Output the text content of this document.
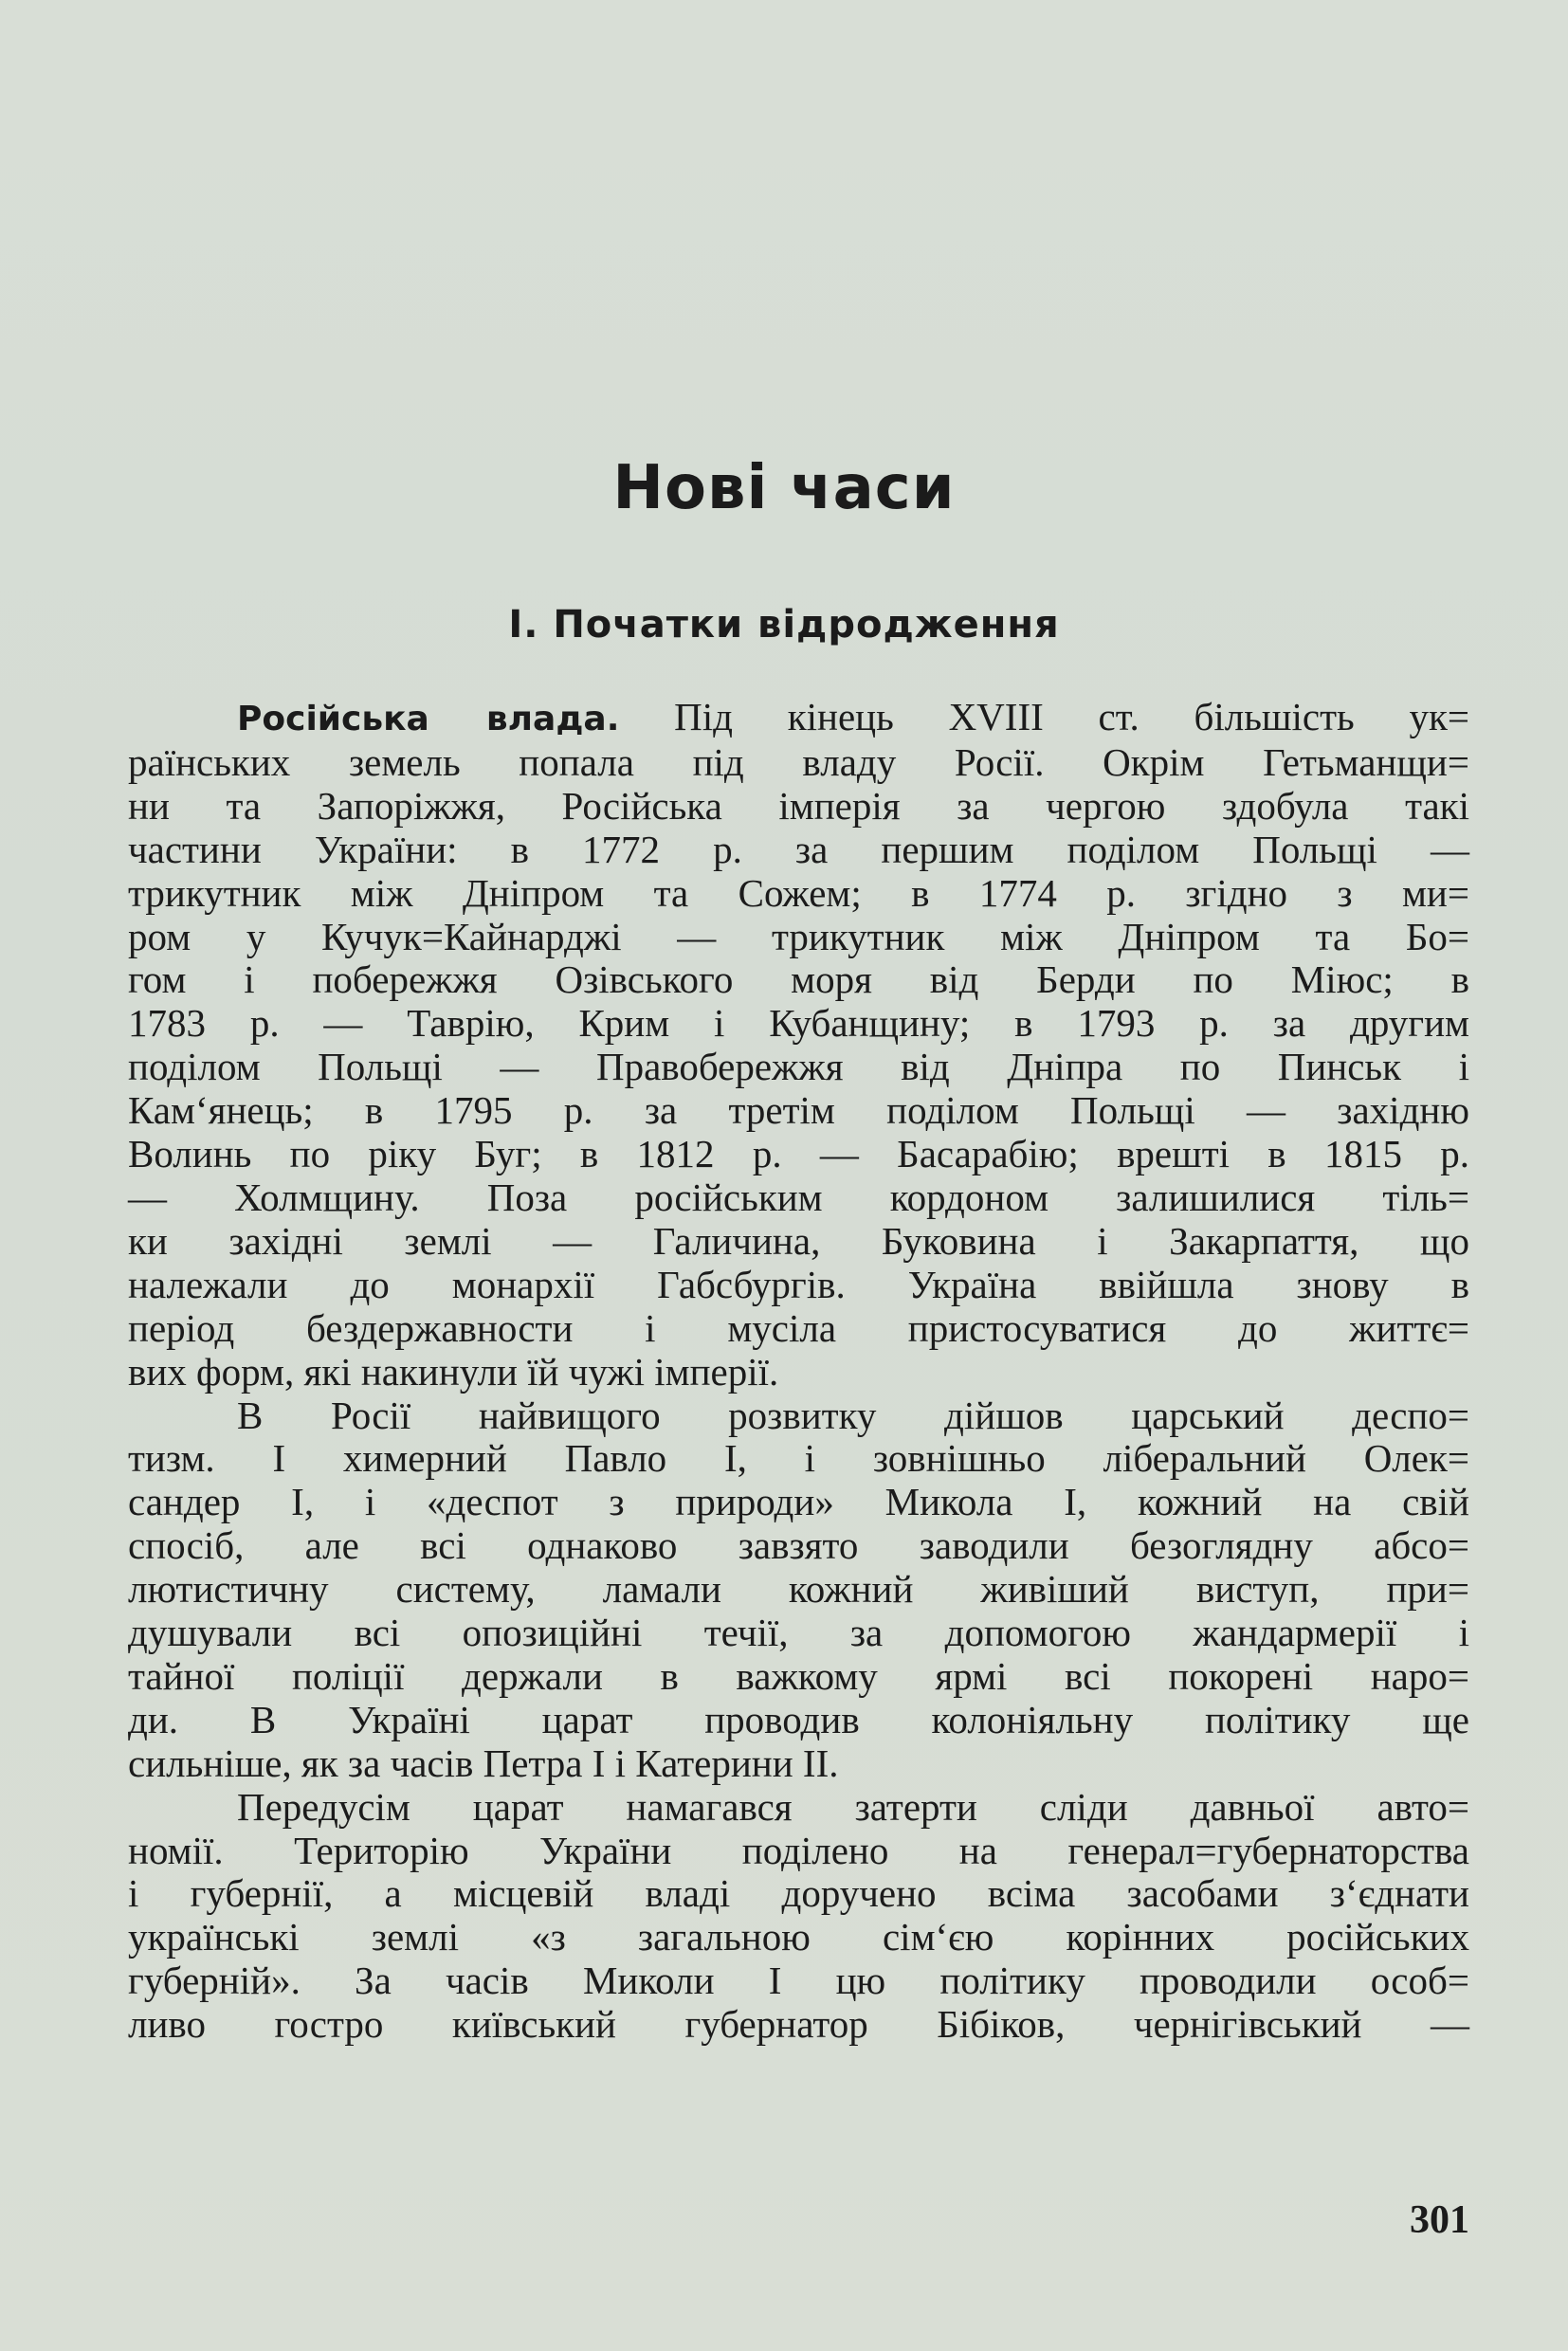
Нові часи
I. Початки відродження

Російська влада. Під кінець XVIII ст. більшість ук=
раїнських земель попала під владу Росії. Окрім Гетьманщи=
ни та Запоріжжя, Російська імперія за чергою здобула такі
частини України: в 1772 р. за першим поділом Польщі —
трикутник між Дніпром та Сожем; в 1774 р. згідно з ми=
ром у Кучук=Кайнарджі — трикутник між Дніпром та Бо=
гом і побережжя Озівського моря від Берди по Міюс; в
1783 р. — Таврію, Крим і Кубанщину; в 1793 р. за другим
поділом Польщі — Правобережжя від Дніпра по Пинськ і
Кам‘янець; в 1795 р. за третім поділом Польщі — західню
Волинь по ріку Буг; в 1812 р. — Басарабію; врешті в 1815 р.
— Холмщину. Поза російським кордоном залишилися тіль=
ки західні землі — Галичина, Буковина і Закарпаття, що
належали до монархії Габсбургів. Україна ввійшла знову в
період бездержавности і мусіла пристосуватися до життє=
вих форм, які накинули їй чужі імперії.

В Росії найвищого розвитку дійшов царський деспо=
тизм. І химерний Павло I, і зовнішньо ліберальний Олек=
сандер I, і «деспот з природи» Микола I, кожний на свій
спосіб, але всі однаково завзято заводили безоглядну абсо=
лютистичну систему, ламали кожний живіший виступ, при=
душували всі опозиційні течії, за допомогою жандармерії і
тайної поліції держали в важкому ярмі всі покорені наро=
ди. В Україні царат проводив колоніяльну політику ще
сильніше, як за часів Петра I і Катерини II.

Передусім царат намагався затерти сліди давньої авто=
номії. Територію України поділено на генерал=губернаторства
і губернії, а місцевій владі доручено всіма засобами з‘єднати
українські землі «з загальною сім‘єю корінних російських
губерній». За часів Миколи I цю політику проводили особ=
ливо гостро київський губернатор Бібіков, чернігівський —

301
